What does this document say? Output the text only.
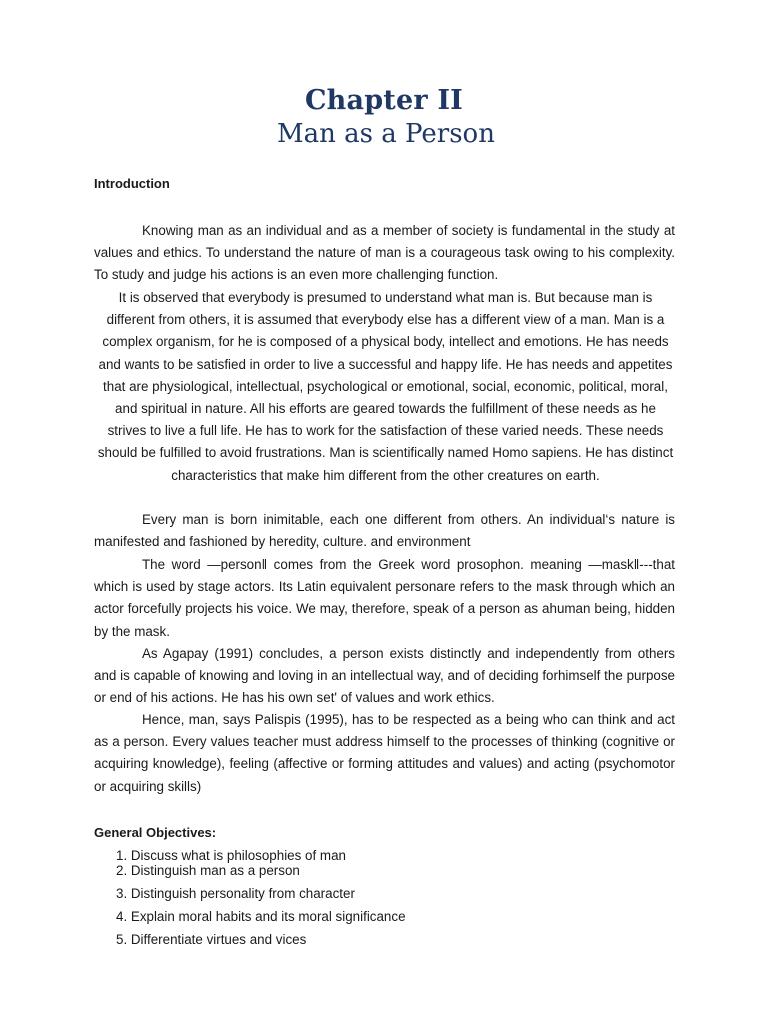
Chapter II
Man as a Person
Introduction

Knowing man as an individual and as a member of society is fundamental in the study at values and ethics. To understand the nature of man is a courageous task owing to his complexity. To study and judge his actions is an even more challenging function.

It is observed that everybody is presumed to understand what man is. But because man is different from others, it is assumed that everybody else has a different view of a man. Man is a complex organism, for he is composed of a physical body, intellect and emotions. He has needs and wants to be satisfied in order to live a successful and happy life. He has needs and appetites that are physiological, intellectual, psychological or emotional, social, economic, political, moral, and spiritual in nature. All his efforts are geared towards the fulfillment of these needs as he strives to live a full life. He has to work for the satisfaction of these varied needs. These needs should be fulfilled to avoid frustrations. Man is scientifically named Homo sapiens. He has distinct characteristics that make him different from the other creatures on earth.

Every man is born inimitable, each one different from others. An individual‘s nature is manifested and fashioned by heredity, culture. and environment

The word ―person‖ comes from the Greek word prosophon. meaning ―mask‖---that which is used by stage actors. Its Latin equivalent personare refers to the mask through which an actor forcefully projects his voice. We may, therefore, speak of a person as ahuman being, hidden by the mask.

As Agapay (1991) concludes, a person exists distinctly and independently from others and is capable of knowing and loving in an intellectual way, and of deciding forhimself the purpose or end of his actions. He has his own set' of values and work ethics.

Hence, man, says Palispis (1995), has to be respected as a being who can think and act as a person. Every values teacher must address himself to the processes of thinking (cognitive or acquiring knowledge), feeling (affective or forming attitudes and values) and acting (psychomotor or acquiring skills)

General Objectives:
1. Discuss what is philosophies of man
2. Distinguish man as a person
3. Distinguish personality from character
4. Explain moral habits and its moral significance
5. Differentiate virtues and vices
